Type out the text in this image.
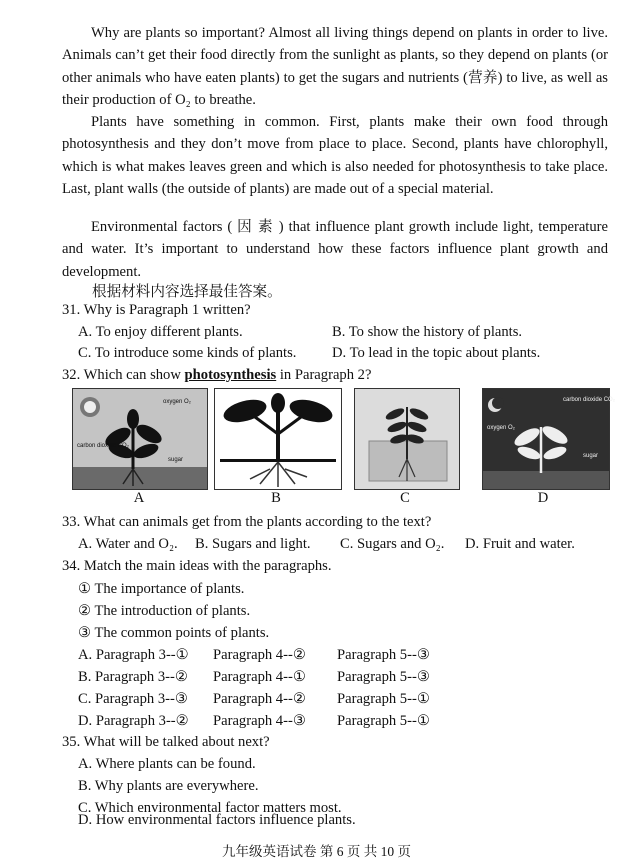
Why are plants so important? Almost all living things depend on plants in order to live. Animals can’t get their food directly from the sunlight as plants, so they depend on plants (or other animals who have eaten plants) to get the sugars and nutrients (营养) to live, as well as their production of O₂ to breathe.
Plants have something in common. First, plants make their own food through photosynthesis and they don’t move from place to place. Second, plants have chlorophyll, which is what makes leaves green and which is also needed for photosynthesis to take place. Last, plant walls (the outside of plants) are made out of a special material.
Environmental factors ( 因 素 ) that influence plant growth include light, temperature and water. It’s important to understand how these factors influence plant growth and development.
根据材料内容选择最佳答案。
31. Why is Paragraph 1 written?
A. To enjoy different plants.	B. To show the history of plants.
C. To introduce some kinds of plants. D. To lead in the topic about plants.
32. Which can show photosynthesis in Paragraph 2?
oxygen O₂
carbon dioxide CO₂
sugar
carbon dioxide CO₂
oxygen O₂
sugar
A	B	C	D
33. What can animals get from the plants according to the text?
A. Water and O₂. B. Sugars and light. C. Sugars and O₂. D. Fruit and water.
34. Match the main ideas with the paragraphs.
① The importance of plants.
② The introduction of plants.
③ The common points of plants.
A. Paragraph 3--① Paragraph 4--② Paragraph 5--③
B. Paragraph 3--② Paragraph 4--① Paragraph 5--③
C. Paragraph 3--③ Paragraph 4--② Paragraph 5--①
D. Paragraph 3--② Paragraph 4--③ Paragraph 5--①
35. What will be talked about next?
A. Where plants can be found.
B. Why plants are everywhere.
C. Which environmental factor matters most.
D. How environmental factors influence plants.
九年级英语试卷 第 6 页 共 10 页
